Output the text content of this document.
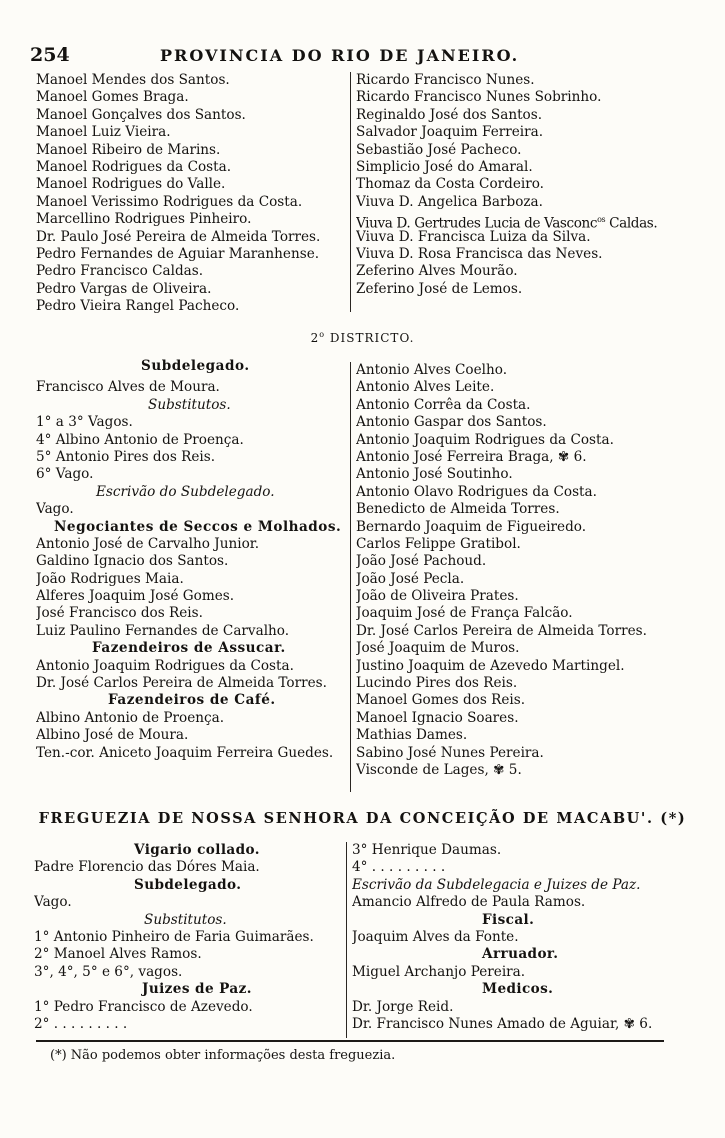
254	PROVINCIA DO RIO DE JANEIRO.
Manoel Mendes dos Santos.
Manoel Gomes Braga.
Manoel Gonçalves dos Santos.
Manoel Luiz Vieira.
Manoel Ribeiro de Marins.
Manoel Rodrigues da Costa.
Manoel Rodrigues do Valle.
Manoel Verissimo Rodrigues da Costa.
Marcellino Rodrigues Pinheiro.
Dr. Paulo José Pereira de Almeida Torres.
Pedro Fernandes de Aguiar Maranhense.
Pedro Francisco Caldas.
Pedro Vargas de Oliveira.
Pedro Vieira Rangel Pacheco.
Ricardo Francisco Nunes.
Ricardo Francisco Nunes Sobrinho.
Reginaldo José dos Santos.
Salvador Joaquim Ferreira.
Sebastião José Pacheco.
Simplicio José do Amaral.
Thomaz da Costa Cordeiro.
Viuva D. Angelica Barboza.
Viuva D. Gertrudes Lucia de Vasconc$^{os}$ Caldas.
Viuva D. Francisca Luiza da Silva.
Viuva D. Rosa Francisca das Neves.
Zeferino Alves Mourão.
Zeferino José de Lemos.
2$^o$ DISTRICTO.
Subdelegado.
Francisco Alves de Moura.
Substitutos.
1° a 3° Vagos.
4° Albino Antonio de Proença.
5° Antonio Pires dos Reis.
6° Vago.
Escrivão do Subdelegado.
Vago.
Negociantes de Seccos e Molhados.
Antonio José de Carvalho Junior.
Galdino Ignacio dos Santos.
João Rodrigues Maia.
Alferes Joaquim José Gomes.
José Francisco dos Reis.
Luiz Paulino Fernandes de Carvalho.
Fazendeiros de Assucar.
Antonio Joaquim Rodrigues da Costa.
Dr. José Carlos Pereira de Almeida Torres.
Fazendeiros de Café.
Albino Antonio de Proença.
Albino José de Moura.
Ten.-cor. Aniceto Joaquim Ferreira Guedes.
Antonio Alves Coelho.
Antonio Alves Leite.
Antonio Corrêa da Costa.
Antonio Gaspar dos Santos.
Antonio Joaquim Rodrigues da Costa.
Antonio José Ferreira Braga, ✾ 6.
Antonio José Soutinho.
Antonio Olavo Rodrigues da Costa.
Benedicto de Almeida Torres.
Bernardo Joaquim de Figueiredo.
Carlos Felippe Gratibol.
João José Pachoud.
João José Pecla.
João de Oliveira Prates.
Joaquim José de França Falcão.
Dr. José Carlos Pereira de Almeida Torres.
José Joaquim de Muros.
Justino Joaquim de Azevedo Martingel.
Lucindo Pires dos Reis.
Manoel Gomes dos Reis.
Manoel Ignacio Soares.
Mathias Dames.
Sabino José Nunes Pereira.
Visconde de Lages, ✾ 5.
FREGUEZIA DE NOSSA SENHORA DA CONCEIÇÃO DE MACABU'. (*)
Vigario collado.
Padre Florencio das Dóres Maia.
Subdelegado.
Vago.
Substitutos.
1° Antonio Pinheiro de Faria Guimarães.
2° Manoel Alves Ramos.
3°, 4°, 5° e 6°, vagos.
Juizes de Paz.
1° Pedro Francisco de Azevedo.
2° . . . . . . . . .
3° Henrique Daumas.
4° . . . . . . . . .
Escrivão da Subdelegacia e Juizes de Paz.
Amancio Alfredo de Paula Ramos.
Fiscal.
Joaquim Alves da Fonte.
Arruador.
Miguel Archanjo Pereira.
Medicos.
Dr. Jorge Reid.
Dr. Francisco Nunes Amado de Aguiar, ✾ 6.
(*) Não podemos obter informações desta freguezia.
